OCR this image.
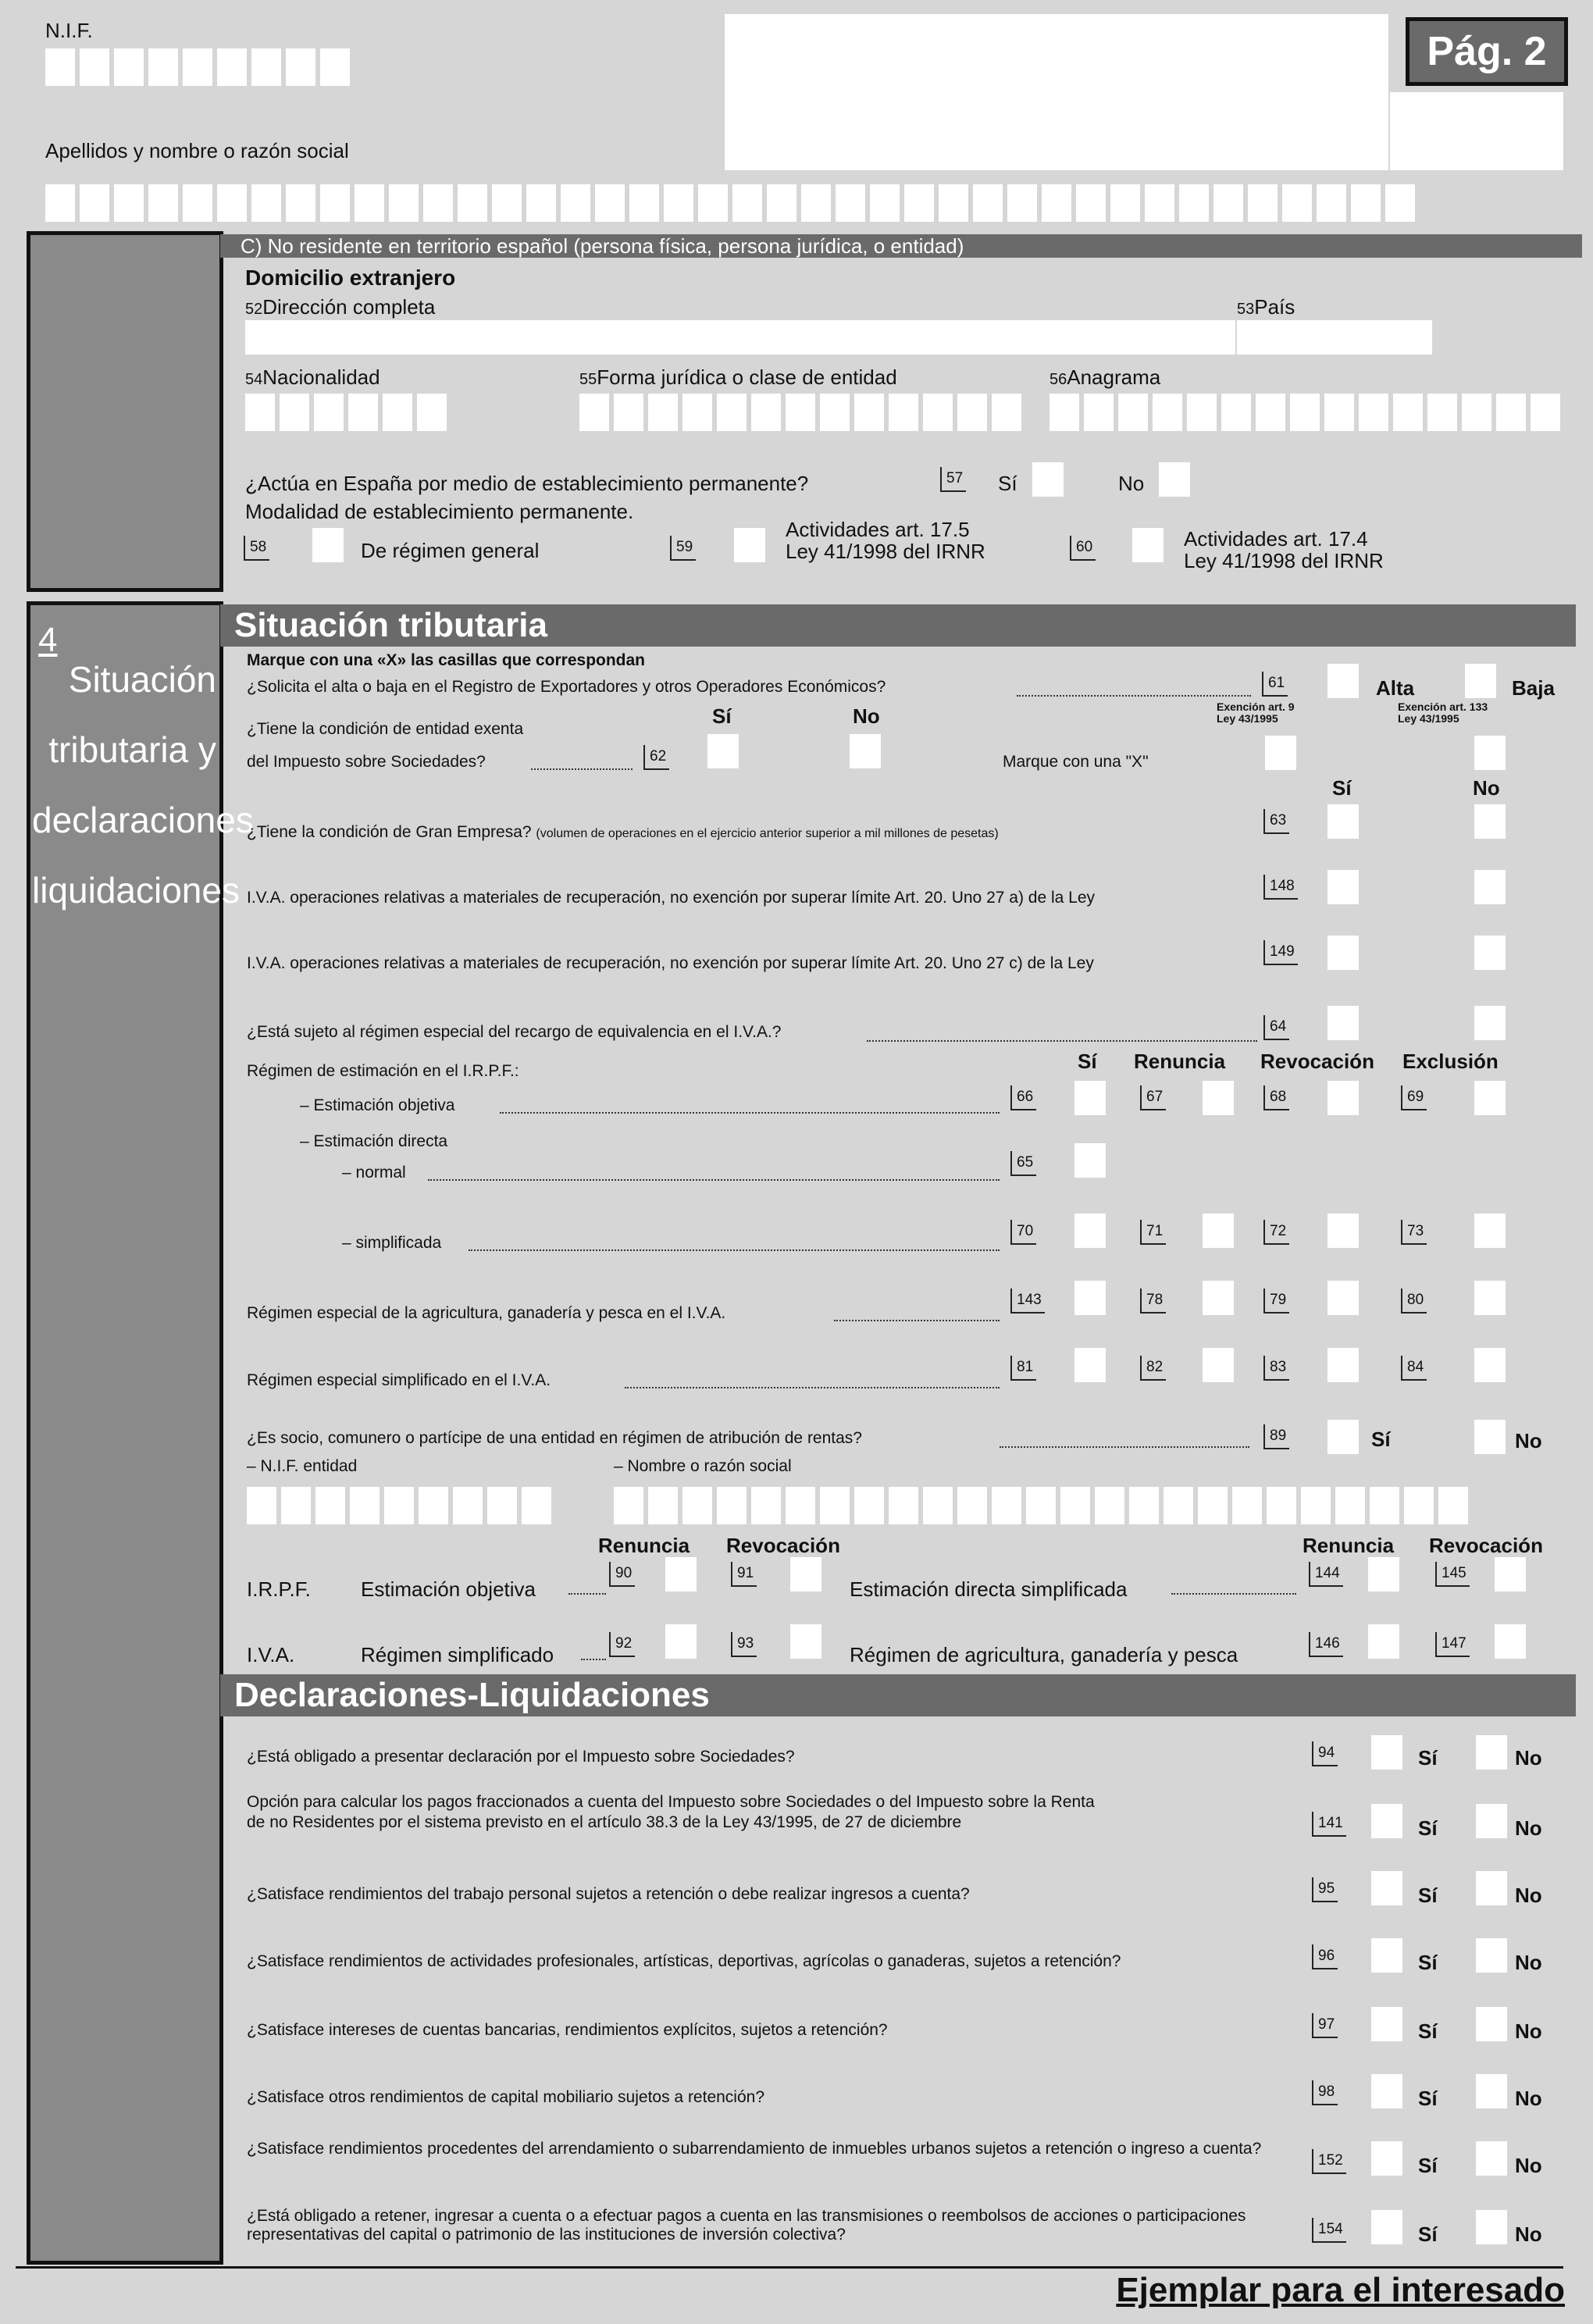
N.I.F.	Pág. 2
Apellidos y nombre o razón social
C) No residente en territorio español (persona física, persona jurídica, o entidad)
Domicilio extranjero
52Dirección completa	53País
54Nacionalidad	55Forma jurídica o clase de entidad	56Anagrama
¿Actúa en España por medio de establecimiento permanente?	57 Sí	No
Modalidad de establecimiento permanente.
58	De régimen general	59
Actividades art. 17.5
Ley 41/1998 del IRNR	60	Actividades art. 17.4
Ley 41/1998 del IRNR
4
Situación
tributaria y
declaraciones
liquidaciones
Situación tributaria
Marque con una «X» las casillas que correspondan
¿Solicita el alta o baja en el Registro de Exportadores y otros Operadores Económicos?	61	Alta	Baja
Exención art. 9
Ley 43/1995
Exención art. 133
Ley 43/1995
¿Tiene la condición de entidad exenta
Sí	No
del Impuesto sobre Sociedades?	62	Marque con una "X"
Sí	No
¿Tiene la condición de Gran Empresa? (volumen de operaciones en el ejercicio anterior superior a mil millones de pesetas)
63
I.V.A. operaciones relativas a materiales de recuperación, no exención por superar límite Art. 20. Uno 27 a) de la Ley
148
I.V.A. operaciones relativas a materiales de recuperación, no exención por superar límite Art. 20. Uno 27 c) de la Ley
149
¿Está sujeto al régimen especial del recargo de equivalencia en el I.V.A.?	64
Régimen de estimación en el I.R.P.F.:	Sí Renuncia Revocación Exclusión
– Estimación objetiva	66	67	68	69
– Estimación directa
– normal
65
– simplificada
70	71	72	73
Régimen especial de la agricultura, ganadería y pesca en el I.V.A.
143	78	79	80
Régimen especial simplificado en el I.V.A.
81	82	83	84
¿Es socio, comunero o partícipe de una entidad en régimen de atribución de rentas?	89	Sí	No
– N.I.F. entidad	– Nombre o razón social
Renuncia Revocación	Renuncia Revocación
I.R.P.F. Estimación objetiva
90	91
Estimación directa simplificada
144	145
I.V.A.	Régimen simplificado	92	93	Régimen de agricultura, ganadería y pesca	146	147
Declaraciones-Liquidaciones
¿Está obligado a presentar declaración por el Impuesto sobre Sociedades?	94	Sí	No
Opción para calcular los pagos fraccionados a cuenta del Impuesto sobre Sociedades o del Impuesto sobre la Renta
de no Residentes por el sistema previsto en el artículo 38.3 de la Ley 43/1995, de 27 de diciembre	141	Sí	No
¿Satisface rendimientos del trabajo personal sujetos a retención o debe realizar ingresos a cuenta?	95	Sí	No
¿Satisface rendimientos de actividades profesionales, artísticas, deportivas, agrícolas o ganaderas, sujetos a retención?	96	Sí	No
¿Satisface intereses de cuentas bancarias, rendimientos explícitos, sujetos a retención?	97	Sí	No
¿Satisface otros rendimientos de capital mobiliario sujetos a retención?	98	Sí	No
¿Satisface rendimientos procedentes del arrendamiento o subarrendamiento de inmuebles urbanos sujetos a retención o ingreso a cuenta?
152	Sí	No
¿Está obligado a retener, ingresar a cuenta o a efectuar pagos a cuenta en las transmisiones o reembolsos de acciones o participaciones representativas del capital o patrimonio de las instituciones de inversión colectiva?	154	Sí	No
Ejemplar para el interesado
